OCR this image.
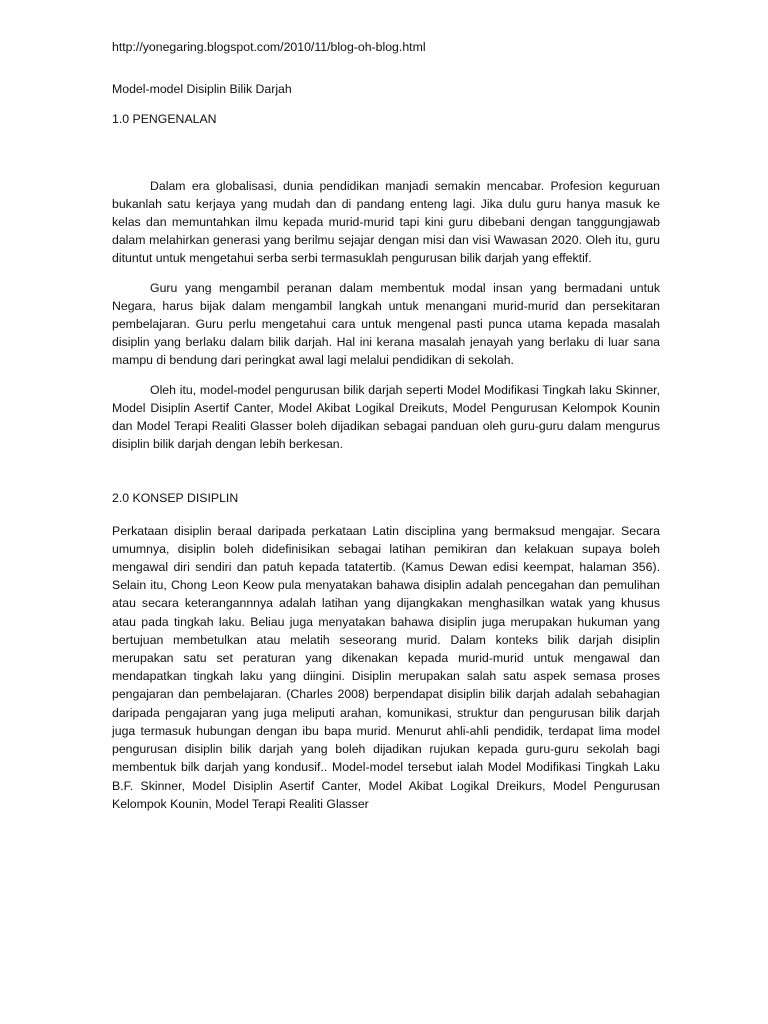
http://yonegaring.blogspot.com/2010/11/blog-oh-blog.html

Model-model Disiplin Bilik Darjah

1.0 PENGENALAN

Dalam era globalisasi, dunia pendidikan manjadi semakin mencabar. Profesion keguruan bukanlah satu kerjaya yang mudah dan di pandang enteng lagi. Jika dulu guru hanya masuk ke kelas dan memuntahkan ilmu kepada murid-murid tapi kini guru dibebani dengan tanggungjawab dalam melahirkan generasi yang berilmu sejajar dengan misi dan visi Wawasan 2020. Oleh itu, guru dituntut untuk mengetahui serba serbi termasuklah pengurusan bilik darjah yang effektif.

Guru yang mengambil peranan dalam membentuk modal insan yang bermadani untuk Negara, harus bijak dalam mengambil langkah untuk menangani murid-murid dan persekitaran pembelajaran. Guru perlu mengetahui cara untuk mengenal pasti punca utama kepada masalah disiplin yang berlaku dalam bilik darjah. Hal ini kerana masalah jenayah yang berlaku di luar sana mampu di bendung dari peringkat awal lagi melalui pendidikan di sekolah.

Oleh itu, model-model pengurusan bilik darjah seperti Model Modifikasi Tingkah laku Skinner, Model Disiplin Asertif Canter, Model Akibat Logikal Dreikuts, Model Pengurusan Kelompok Kounin dan Model Terapi Realiti Glasser boleh dijadikan sebagai panduan oleh guru-guru dalam mengurus disiplin bilik darjah dengan lebih berkesan.

2.0 KONSEP DISIPLIN

Perkataan disiplin beraal daripada perkataan Latin disciplina yang bermaksud mengajar. Secara umumnya, disiplin boleh didefinisikan sebagai latihan pemikiran dan kelakuan supaya boleh mengawal diri sendiri dan patuh kepada tatatertib. (Kamus Dewan edisi keempat, halaman 356). Selain itu, Chong Leon Keow pula menyatakan bahawa disiplin adalah pencegahan dan pemulihan atau secara keterangannnya adalah latihan yang dijangkakan menghasilkan watak yang khusus atau pada tingkah laku. Beliau juga menyatakan bahawa disiplin juga merupakan hukuman yang bertujuan membetulkan atau melatih seseorang murid. Dalam konteks bilik darjah disiplin merupakan satu set peraturan yang dikenakan kepada murid-murid untuk mengawal dan mendapatkan tingkah laku yang diingini. Disiplin merupakan salah satu aspek semasa proses pengajaran dan pembelajaran. (Charles 2008) berpendapat disiplin bilik darjah adalah sebahagian daripada pengajaran yang juga meliputi arahan, komunikasi, struktur dan pengurusan bilik darjah juga termasuk hubungan dengan ibu bapa murid. Menurut ahli-ahli pendidik, terdapat lima model pengurusan disiplin bilik darjah yang boleh dijadikan rujukan kepada guru-guru sekolah bagi membentuk bilk darjah yang kondusif.. Model-model tersebut ialah Model Modifikasi Tingkah Laku B.F. Skinner, Model Disiplin Asertif Canter, Model Akibat Logikal Dreikurs, Model Pengurusan Kelompok Kounin, Model Terapi Realiti Glasser
